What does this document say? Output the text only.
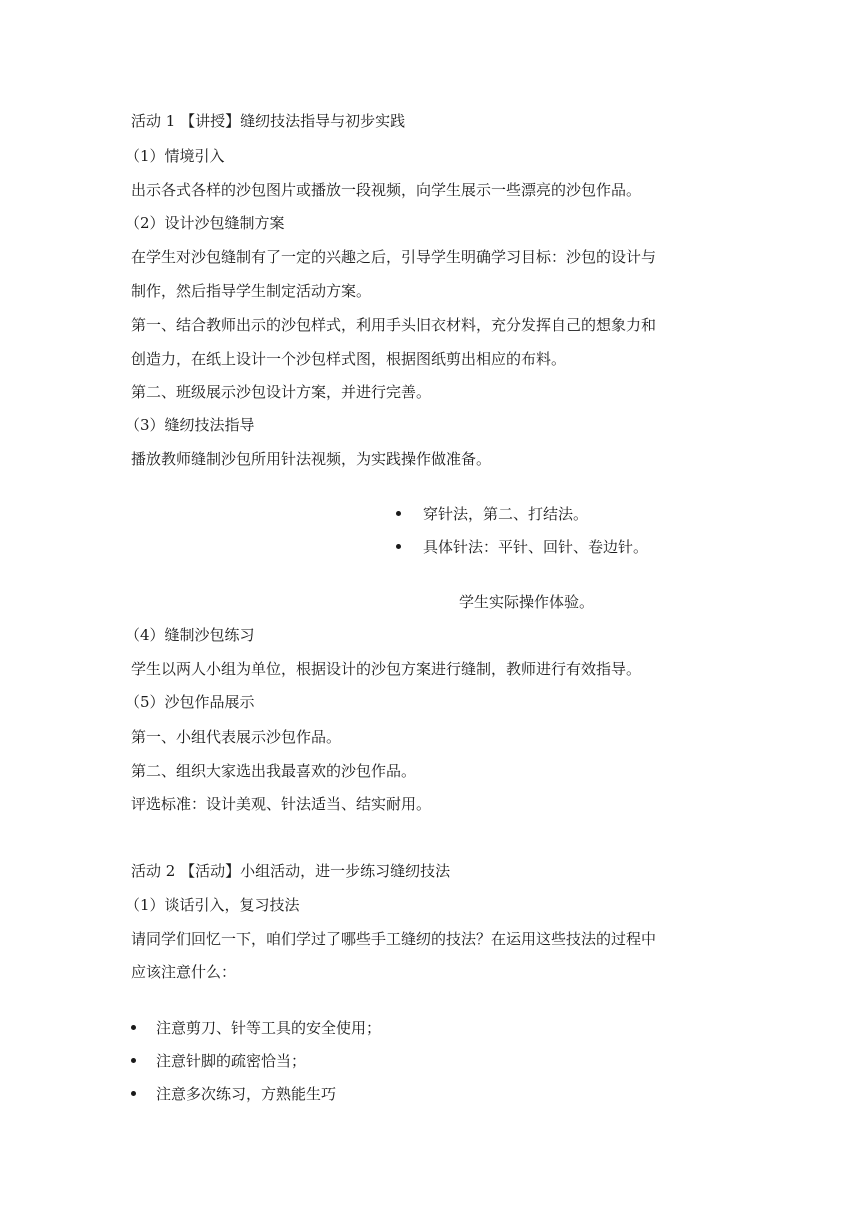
活动 1 【讲授】缝纫技法指导与初步实践
（1）情境引入
出示各式各样的沙包图片或播放一段视频，向学生展示一些漂亮的沙包作品。
（2）设计沙包缝制方案
在学生对沙包缝制有了一定的兴趣之后，引导学生明确学习目标：沙包的设计与
制作，然后指导学生制定活动方案。
第一、结合教师出示的沙包样式，利用手头旧衣材料，充分发挥自己的想象力和
创造力，在纸上设计一个沙包样式图，根据图纸剪出相应的布料。
第二、班级展示沙包设计方案，并进行完善。
（3）缝纫技法指导
播放教师缝制沙包所用针法视频，为实践操作做准备。
穿针法，第二、打结法。
具体针法：平针、回针、卷边针。
学生实际操作体验。
（4）缝制沙包练习
学生以两人小组为单位，根据设计的沙包方案进行缝制，教师进行有效指导。
（5）沙包作品展示
第一、小组代表展示沙包作品。
第二、组织大家选出我最喜欢的沙包作品。
评选标准：设计美观、针法适当、结实耐用。
活动 2 【活动】小组活动，进一步练习缝纫技法
（1）谈话引入，复习技法
请同学们回忆一下，咱们学过了哪些手工缝纫的技法？在运用这些技法的过程中
应该注意什么：
注意剪刀、针等工具的安全使用；
注意针脚的疏密恰当；
注意多次练习，方熟能生巧
